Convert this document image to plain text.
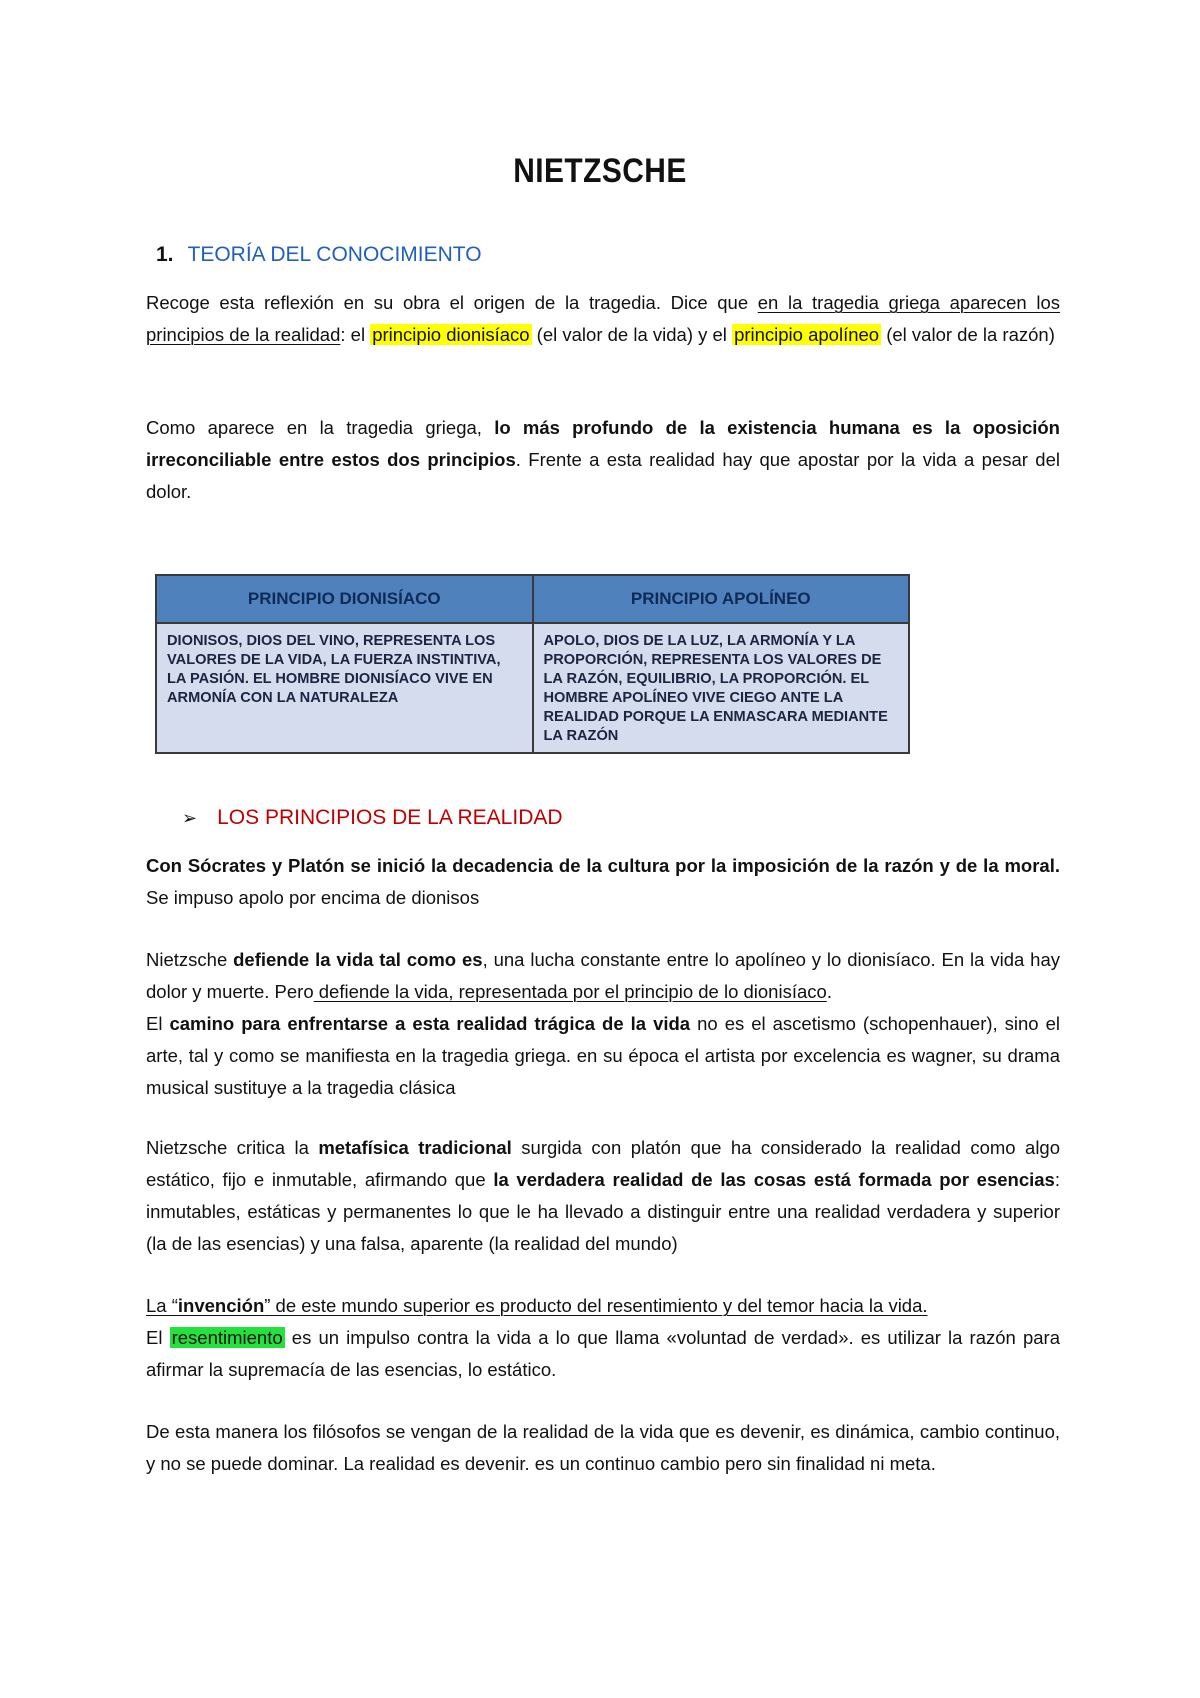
NIETZSCHE
1. TEORÍA DEL CONOCIMIENTO

Recoge esta reflexión en su obra el origen de la tragedia. Dice que en la tragedia griega aparecen los principios de la realidad: el principio dionisíaco (el valor de la vida) y el principio apolíneo (el valor de la razón)

Como aparece en la tragedia griega, lo más profundo de la existencia humana es la oposición irreconciliable entre estos dos principios. Frente a esta realidad hay que apostar por la vida a pesar del dolor.

PRINCIPIO DIONISÍACO	PRINCIPIO APOLÍNEO
DIONISOS, DIOS DEL VINO, REPRESENTA LOS VALORES DE LA VIDA, LA FUERZA INSTINTIVA, LA PASIÓN. EL HOMBRE DIONISÍACO VIVE EN ARMONÍA CON LA NATURALEZA	APOLO, DIOS DE LA LUZ, LA ARMONÍA Y LA PROPORCIÓN, REPRESENTA LOS VALORES DE LA RAZÓN, EQUILIBRIO, LA PROPORCIÓN. EL HOMBRE APOLÍNEO VIVE CIEGO ANTE LA REALIDAD PORQUE LA ENMASCARA MEDIANTE LA RAZÓN
➢ LOS PRINCIPIOS DE LA REALIDAD

Con Sócrates y Platón se inició la decadencia de la cultura por la imposición de la razón y de la moral. Se impuso apolo por encima de dionisos

Nietzsche defiende la vida tal como es, una lucha constante entre lo apolíneo y lo dionisíaco. En la vida hay dolor y muerte. Pero defiende la vida, representada por el principio de lo dionisíaco.

El camino para enfrentarse a esta realidad trágica de la vida no es el ascetismo (schopenhauer), sino el arte, tal y como se manifiesta en la tragedia griega. en su época el artista por excelencia es wagner, su drama musical sustituye a la tragedia clásica

Nietzsche critica la metafísica tradicional surgida con platón que ha considerado la realidad como algo estático, fijo e inmutable, afirmando que la verdadera realidad de las cosas está formada por esencias: inmutables, estáticas y permanentes lo que le ha llevado a distinguir entre una realidad verdadera y superior (la de las esencias) y una falsa, aparente (la realidad del mundo)

La “invención” de este mundo superior es producto del resentimiento y del temor hacia la vida.

El resentimiento es un impulso contra la vida a lo que llama «voluntad de verdad». es utilizar la razón para afirmar la supremacía de las esencias, lo estático.

De esta manera los filósofos se vengan de la realidad de la vida que es devenir, es dinámica, cambio continuo, y no se puede dominar. La realidad es devenir. es un continuo cambio pero sin finalidad ni meta.
